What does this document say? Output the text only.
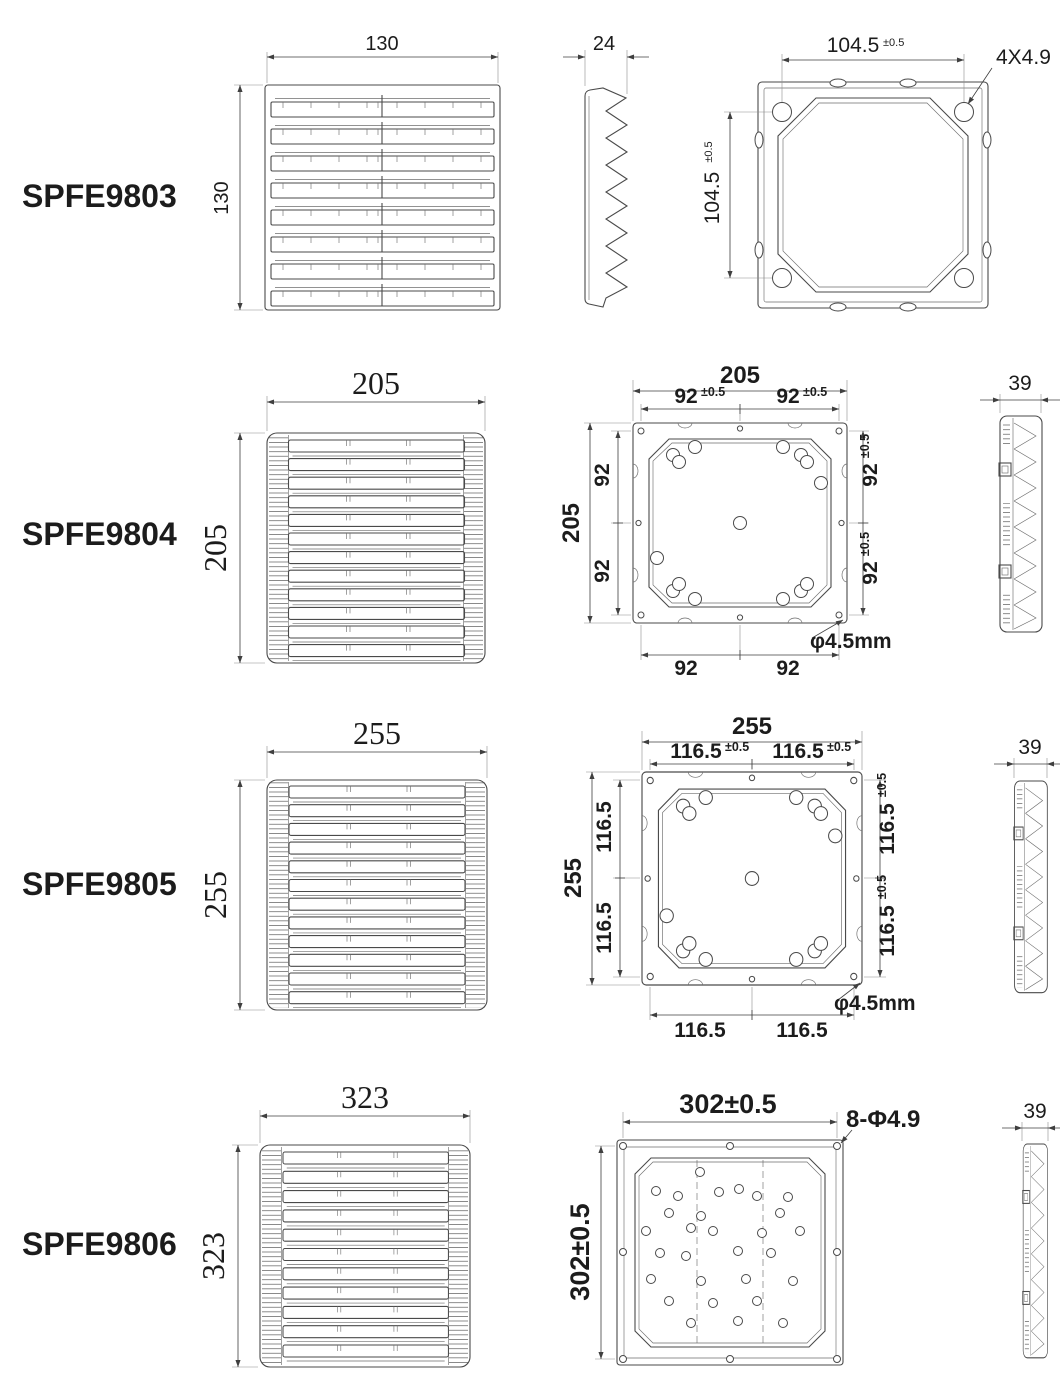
SPFE9803
130
130
24	104.5 ±0.5
104.5
±0.5
4X4.9
SPFE9804
205
205
39
205
92 ±0.5 92 ±0.5
205
92
92
92
±0.5
92
±0.5
92	92
φ4.5mm
SPFE9805
255
255
39
255
116.5 ±0.5 116.5 ±0.5
255
116.5
116.5
116.5
±0.5
116.5
±0.5
116.5 116.5
φ4.5mm
SPFE9806
323
323
39
302±0.5
302±0.5
8-Φ4.9
